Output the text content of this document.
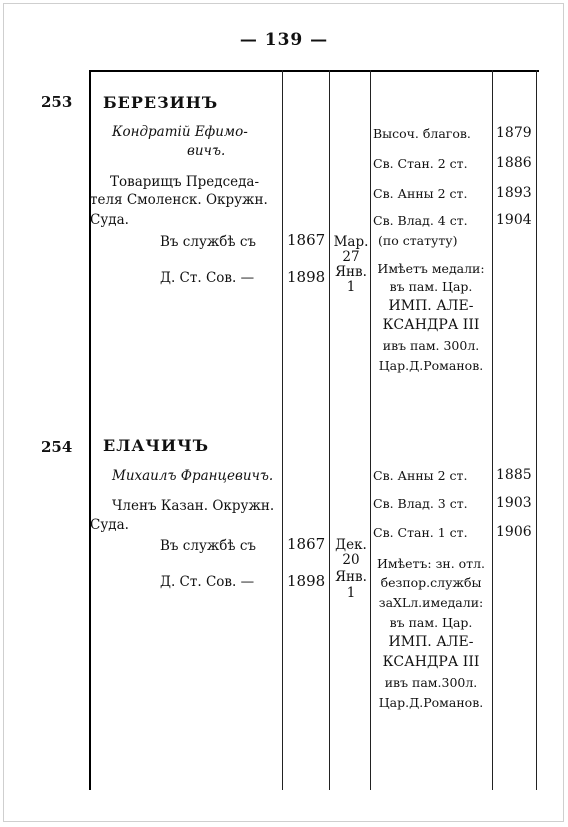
— 139 —
253 БЕРЕЗИНЪ
Кондратій Ефимо-
вичъ.
Товарищъ Председа-
теля Смоленск. Окружн.
Суда.
Въ службѣ съ 1867 Мар.
27
Д. Ст. Сов. — 1898 Янв.
1
Высоч. благов. 1879
Св. Стан. 2 ст. 1886
Св. Анны 2 ст. 1893
Св. Влад. 4 ст. 1904
(по статуту)
Имѣетъ медали:
въ пам. Цар.
ИМП. АЛЕ-
КСАНДРА III
ивъ пам. 300л.
Цар.Д.Романов.
254 ЕЛАЧИЧЪ
Михаилъ Францевичъ.
Членъ Казан. Окружн.
Суда.
Въ службѣ съ 1867 Дек.
20
Д. Ст. Сов. — 1898 Янв.
1
Св. Анны 2 ст. 1885
Св. Влад. 3 ст. 1903
Св. Стан. 1 ст. 1906
Имѣетъ: зн. отл.
безпор.службы
заXLл.имедали:
въ пам. Цар.
ИМП. АЛЕ-
КСАНДРА III
ивъ пам.300л.
Цар.Д.Романов.
